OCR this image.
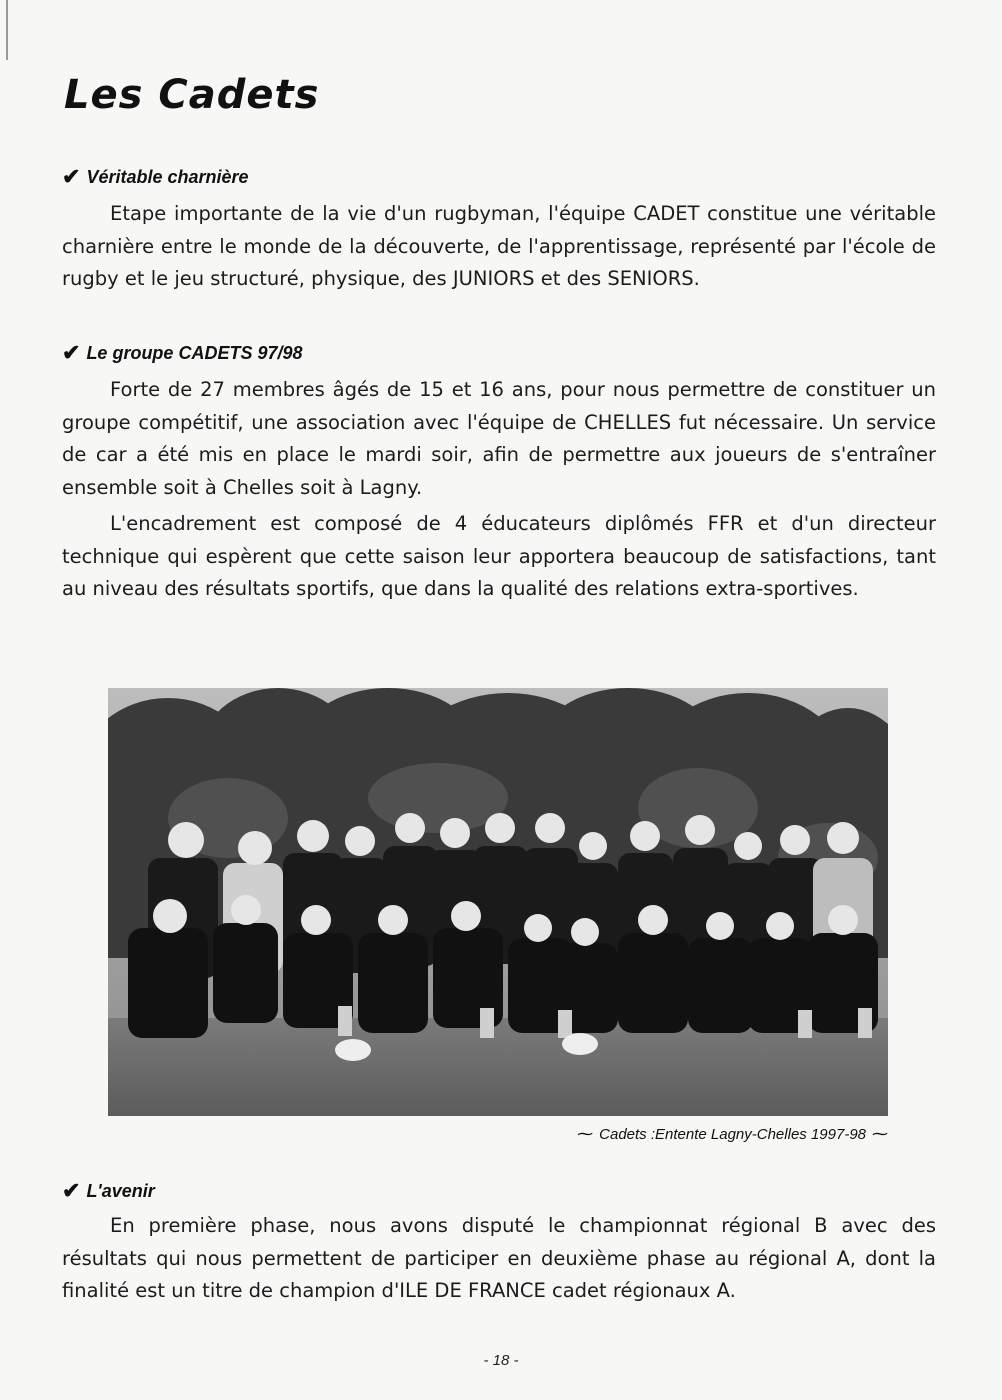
Les Cadets
✔ Véritable charnière

Etape importante de la vie d'un rugbyman, l'équipe CADET constitue une véritable charnière entre le monde de la découverte, de l'apprentissage, représenté par l'école de rugby et le jeu structuré, physique, des JUNIORS et des SENIORS.

✔ Le groupe CADETS 97/98

Forte de 27 membres âgés de 15 et 16 ans, pour nous permettre de constituer un groupe compétitif, une association avec l'équipe de CHELLES fut nécessaire. Un service de car a été mis en place le mardi soir, afin de permettre aux joueurs de s'entraîner ensemble soit à Chelles soit à Lagny.

L'encadrement est composé de 4 éducateurs diplômés FFR et d'un directeur technique qui espèrent que cette saison leur apportera beaucoup de satisfactions, tant au niveau des résultats sportifs, que dans la qualité des relations extra-sportives.

⁓ Cadets :Entente Lagny-Chelles 1997-98 ⁓
✔ L'avenir

En première phase, nous avons disputé le championnat régional B avec des résultats qui nous permettent de participer en deuxième phase au régional A, dont la finalité est un titre de champion d'ILE DE FRANCE cadet régionaux A.

- 18 -
